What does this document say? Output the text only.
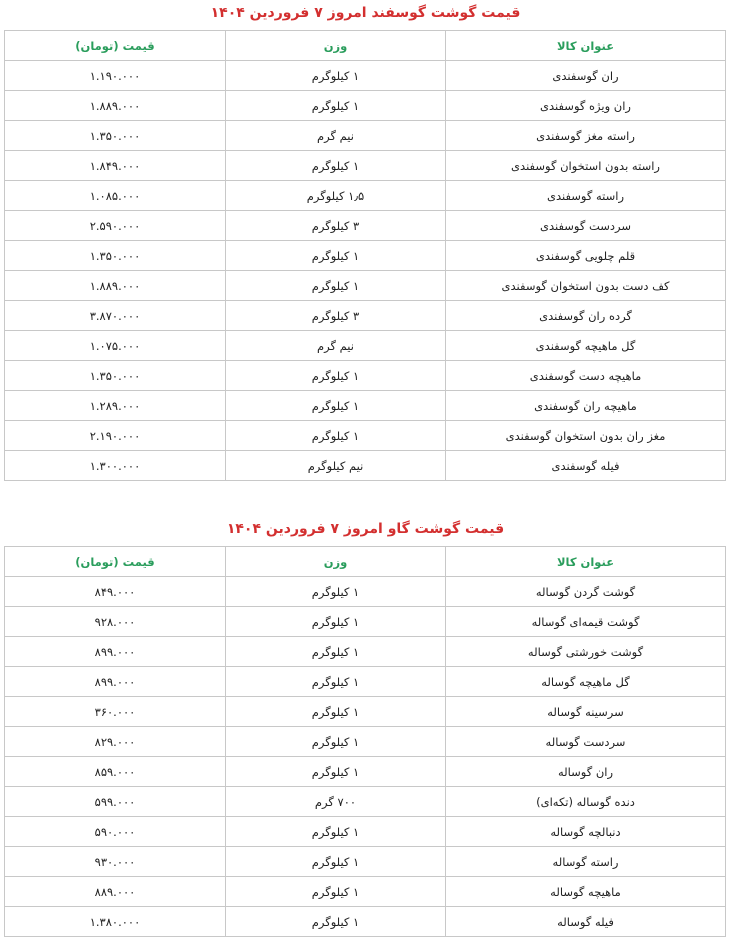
قیمت گوشت گوسفند امروز ۷ فروردین ۱۴۰۴
عنوان کالا	وزن	قیمت (تومان)
ران گوسفندی	۱ کیلوگرم	۱.۱۹۰.۰۰۰
ران ویژه گوسفندی	۱ کیلوگرم	۱.۸۸۹.۰۰۰
راسته مغز گوسفندی	نیم گرم	۱.۳۵۰.۰۰۰
راسته بدون استخوان گوسفندی	۱ کیلوگرم	۱.۸۴۹.۰۰۰
راسته گوسفندی	۱٫۵ کیلوگرم	۱.۰۸۵.۰۰۰
سردست گوسفندی	۳ کیلوگرم	۲.۵۹۰.۰۰۰
قلم چلویی گوسفندی	۱ کیلوگرم	۱.۳۵۰.۰۰۰
کف دست بدون استخوان گوسفندی	۱ کیلوگرم	۱.۸۸۹.۰۰۰
گرده ران گوسفندی	۳ کیلوگرم	۳.۸۷۰.۰۰۰
گل ماهیچه گوسفندی	نیم گرم	۱.۰۷۵.۰۰۰
ماهیچه دست گوسفندی	۱ کیلوگرم	۱.۳۵۰.۰۰۰
ماهیچه ران گوسفندی	۱ کیلوگرم	۱.۲۸۹.۰۰۰
مغز ران بدون استخوان گوسفندی	۱ کیلوگرم	۲.۱۹۰.۰۰۰
فیله گوسفندی	نیم کیلوگرم	۱.۳۰۰.۰۰۰
قیمت گوشت گاو امروز ۷ فروردین ۱۴۰۴
عنوان کالا	وزن	قیمت (تومان)
گوشت گردن گوساله	۱ کیلوگرم	۸۴۹.۰۰۰
گوشت قیمه‌ای گوساله	۱ کیلوگرم	۹۲۸.۰۰۰
گوشت خورشتی گوساله	۱ کیلوگرم	۸۹۹.۰۰۰
گل ماهیچه گوساله	۱ کیلوگرم	۸۹۹.۰۰۰
سرسینه گوساله	۱ کیلوگرم	۳۶۰.۰۰۰
سردست گوساله	۱ کیلوگرم	۸۲۹.۰۰۰
ران گوساله	۱ کیلوگرم	۸۵۹.۰۰۰
دنده گوساله (تکه‌ای)	۷۰۰ گرم	۵۹۹.۰۰۰
دنبالچه گوساله	۱ کیلوگرم	۵۹۰.۰۰۰
راسته گوساله	۱ کیلوگرم	۹۳۰.۰۰۰
ماهیچه گوساله	۱ کیلوگرم	۸۸۹.۰۰۰
فیله گوساله	۱ کیلوگرم	۱.۳۸۰.۰۰۰
